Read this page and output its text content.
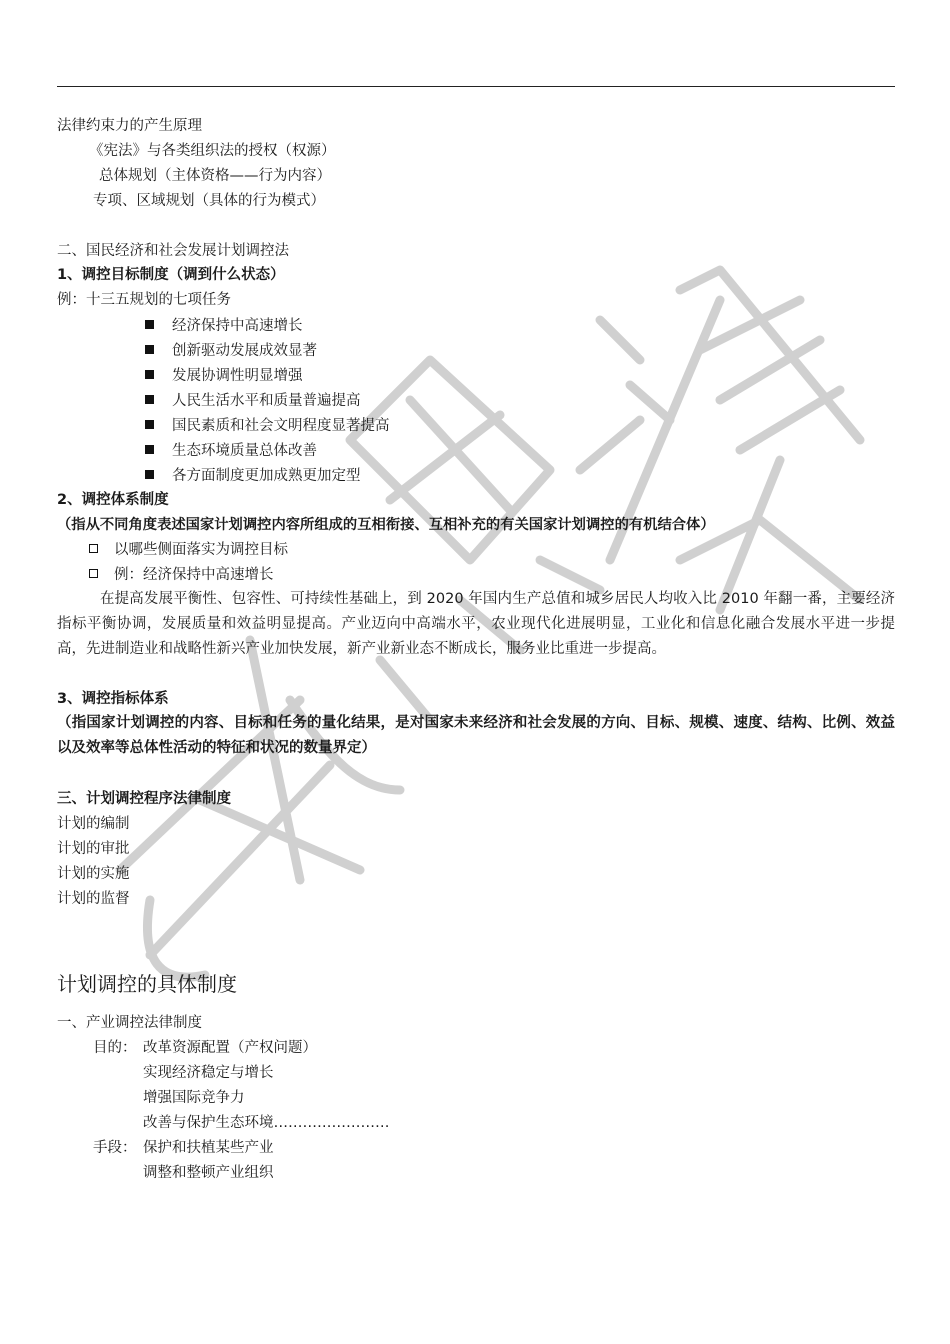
法律约束力的产生原理
《宪法》与各类组织法的授权（权源）
总体规划（主体资格——行为内容）
专项、区域规划（具体的行为模式）
二、国民经济和社会发展计划调控法
1、调控目标制度（调到什么状态）
例：十三五规划的七项任务
经济保持中高速增长
创新驱动发展成效显著
发展协调性明显增强
人民生活水平和质量普遍提高
国民素质和社会文明程度显著提高
生态环境质量总体改善
各方面制度更加成熟更加定型
2、调控体系制度
（指从不同角度表述国家计划调控内容所组成的互相衔接、互相补充的有关国家计划调控的有机结合体）
以哪些侧面落实为调控目标
例：经济保持中高速增长
在提高发展平衡性、包容性、可持续性基础上，到 2020 年国内生产总值和城乡居民人均收入比 2010 年翻一番，主要经济指标平衡协调，发展质量和效益明显提高。产业迈向中高端水平，农业现代化进展明显，工业化和信息化融合发展水平进一步提高，先进制造业和战略性新兴产业加快发展，新产业新业态不断成长，服务业比重进一步提高。
3、调控指标体系
（指国家计划调控的内容、目标和任务的量化结果，是对国家未来经济和社会发展的方向、目标、规模、速度、结构、比例、效益以及效率等总体性活动的特征和状况的数量界定）
三、计划调控程序法律制度
计划的编制
计划的审批
计划的实施
计划的监督
计划调控的具体制度
一、产业调控法律制度
目的： 改革资源配置（产权问题）
实现经济稳定与增长
增强国际竞争力
改善与保护生态环境……………………
手段： 保护和扶植某些产业
调整和整顿产业组织
